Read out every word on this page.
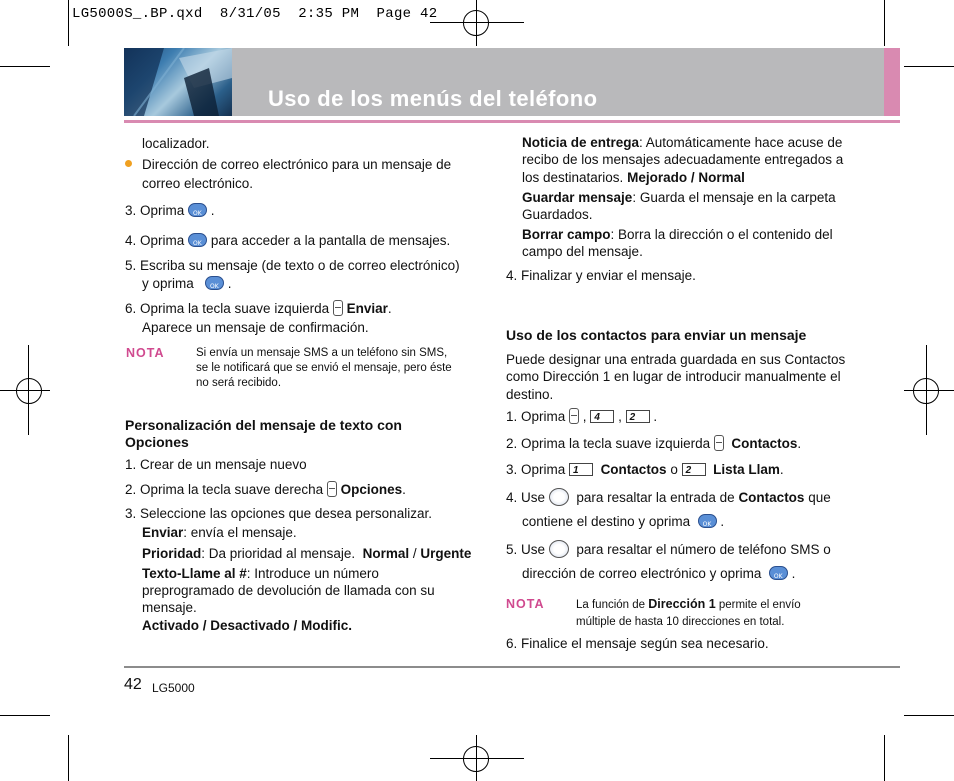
LG5000S_.BP.qxd  8/31/05  2:35 PM  Page 42
Uso de los menús del teléfono
localizador.
Dirección de correo electrónico para un mensaje de
correo electrónico.
3. Oprima OK .
4. Oprima OK para acceder a la pantalla de mensajes.
5. Escriba su mensaje (de texto o de correo electrónico)
y oprima   OK .
6. Oprima la tecla suave izquierda Enviar.
Aparece un mensaje de confirmación.
NOTA	Si envía un mensaje SMS a un teléfono sin SMS,
se le notificará que se envió el mensaje, pero éste
no será recibido.
Personalización del mensaje de texto con
Opciones
1. Crear de un mensaje nuevo
2. Oprima la tecla suave derecha Opciones.
3. Seleccione las opciones que desea personalizar.
Enviar: envía el mensaje.
Prioridad: Da prioridad al mensaje. Normal / Urgente
Texto-Llame al #: Introduce un número
preprogramado de devolución de llamada con su
mensaje.
Activado / Desactivado / Modific.
Noticia de entrega: Automáticamente hace acuse de
recibo de los mensajes adecuadamente entregados a
los destinatarios. Mejorado / Normal
Guardar mensaje: Guarda el mensaje en la carpeta
Guardados.
Borrar campo: Borra la dirección o el contenido del
campo del mensaje.
4. Finalizar y enviar el mensaje.
Uso de los contactos para enviar un mensaje
Puede designar una entrada guardada en sus Contactos
como Dirección 1 en lugar de introducir manualmente el
destino.
1. Oprima  , 4 , 2 .
2. Oprima la tecla suave izquierda Contactos.
3. Oprima 1 Contactos o 2 Lista Llam.
4. Use para resaltar la entrada de Contactos que
contiene el destino y oprima  OK .
5. Use para resaltar el número de teléfono SMS o
dirección de correo electrónico y oprima  OK .
NOTA	La función de Dirección 1 permite el envío
múltiple de hasta 10 direcciones en total.
6. Finalice el mensaje según sea necesario.
42 LG5000
